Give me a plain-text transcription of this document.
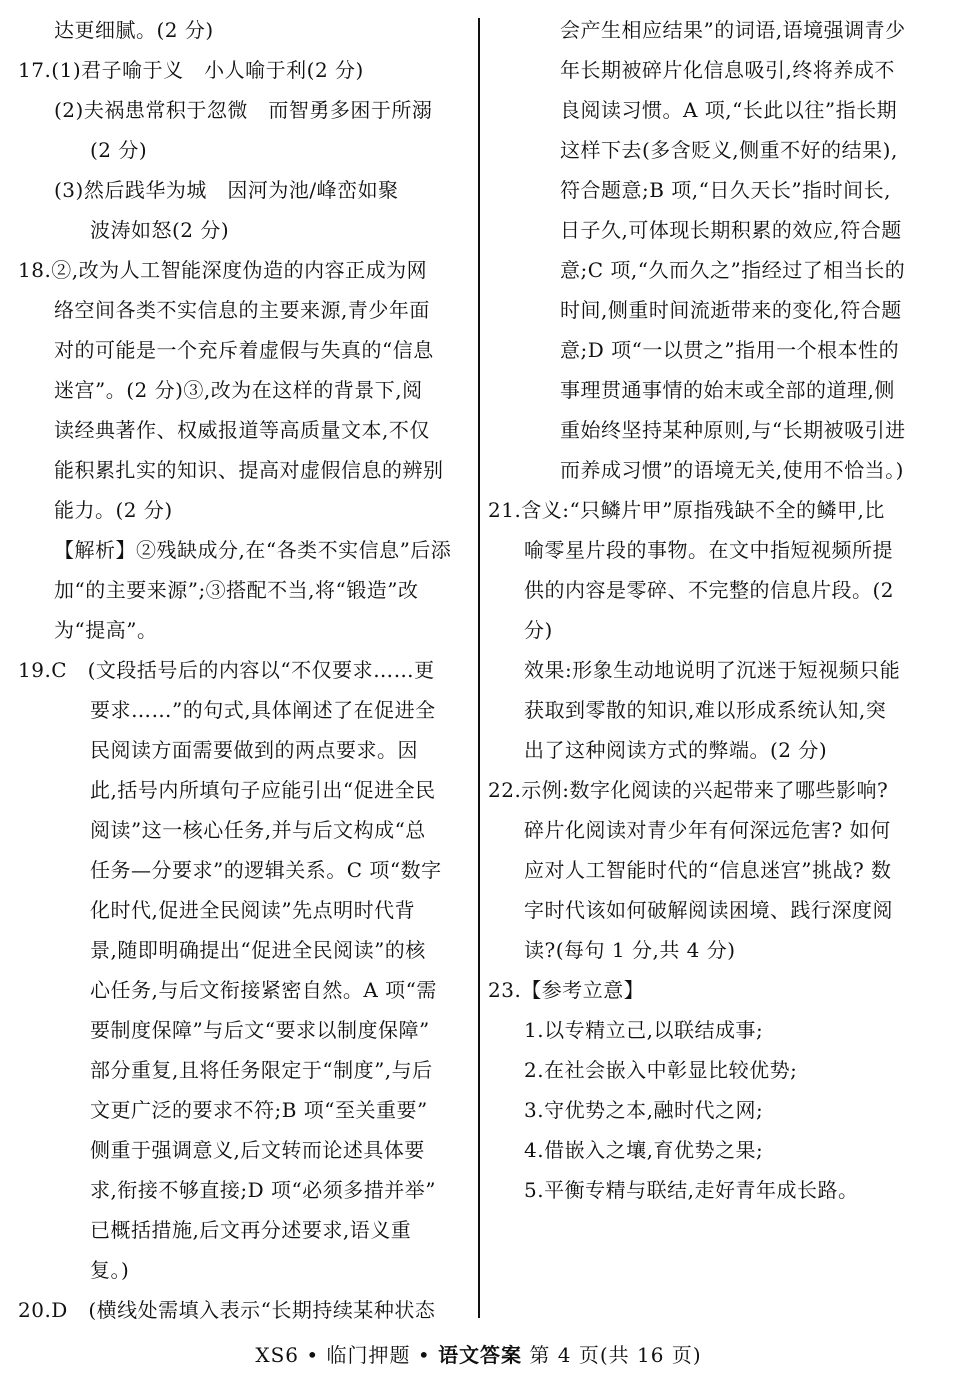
达更细腻。(2 分)
17.(1)君子喻于义　小人喻于利(2 分)
(2)夫祸患常积于忽微　而智勇多困于所溺
(2 分)
(3)然后践华为城　因河为池/峰峦如聚
波涛如怒(2 分)
18.②,改为人工智能深度伪造的内容正成为网
络空间各类不实信息的主要来源,青少年面
对的可能是一个充斥着虚假与失真的“信息
迷宫”。(2 分)③,改为在这样的背景下,阅
读经典著作、权威报道等高质量文本,不仅
能积累扎实的知识、提高对虚假信息的辨别
能力。(2 分)
【解析】②残缺成分,在“各类不实信息”后添
加“的主要来源”;③搭配不当,将“锻造”改
为“提高”。
19.C　(文段括号后的内容以“不仅要求……更
要求……”的句式,具体阐述了在促进全
民阅读方面需要做到的两点要求。因
此,括号内所填句子应能引出“促进全民
阅读”这一核心任务,并与后文构成“总
任务—分要求”的逻辑关系。C 项“数字
化时代,促进全民阅读”先点明时代背
景,随即明确提出“促进全民阅读”的核
心任务,与后文衔接紧密自然。A 项“需
要制度保障”与后文“要求以制度保障”
部分重复,且将任务限定于“制度”,与后
文更广泛的要求不符;B 项“至关重要”
侧重于强调意义,后文转而论述具体要
求,衔接不够直接;D 项“必须多措并举”
已概括措施,后文再分述要求,语义重
复。)
20.D　(横线处需填入表示“长期持续某种状态
会产生相应结果”的词语,语境强调青少
年长期被碎片化信息吸引,终将养成不
良阅读习惯。A 项,“长此以往”指长期
这样下去(多含贬义,侧重不好的结果),
符合题意;B 项,“日久天长”指时间长,
日子久,可体现长期积累的效应,符合题
意;C 项,“久而久之”指经过了相当长的
时间,侧重时间流逝带来的变化,符合题
意;D 项“一以贯之”指用一个根本性的
事理贯通事情的始末或全部的道理,侧
重始终坚持某种原则,与“长期被吸引进
而养成习惯”的语境无关,使用不恰当。)
21.含义:“只鳞片甲”原指残缺不全的鳞甲,比
喻零星片段的事物。在文中指短视频所提
供的内容是零碎、不完整的信息片段。(2
分)
效果:形象生动地说明了沉迷于短视频只能
获取到零散的知识,难以形成系统认知,突
出了这种阅读方式的弊端。(2 分)
22.示例:数字化阅读的兴起带来了哪些影响?
碎片化阅读对青少年有何深远危害? 如何
应对人工智能时代的“信息迷宫”挑战? 数
字时代该如何破解阅读困境、践行深度阅
读?(每句 1 分,共 4 分)
23.【参考立意】
1.以专精立己,以联结成事;
2.在社会嵌入中彰显比较优势;
3.守优势之本,融时代之网;
4.借嵌入之壤,育优势之果;
5.平衡专精与联结,走好青年成长路。
XS6 • 临门押题 • 语文答案 第 4 页(共 16 页)
